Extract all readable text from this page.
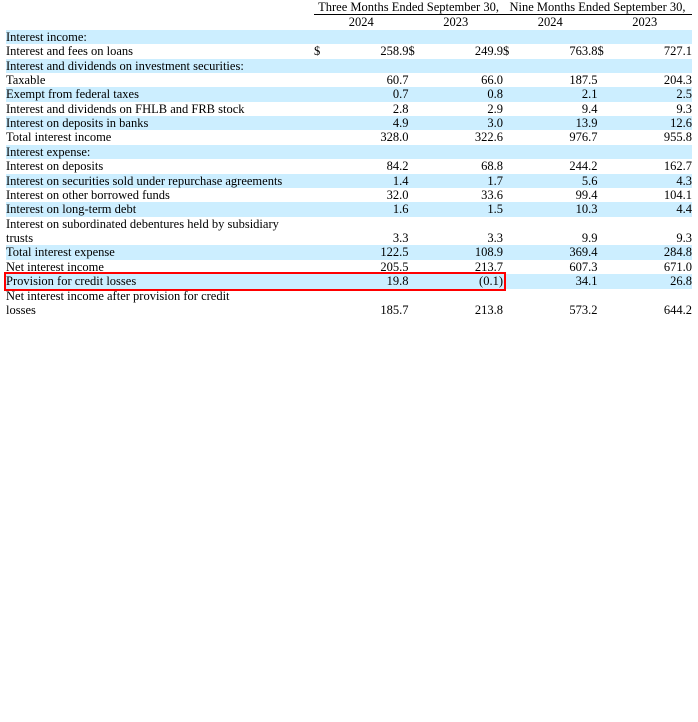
	Three Months Ended September 30,				Nine Months Ended September 30,			
	2024		2023		2024		2023	
Interest income:								
Interest and fees on loans	$	258.9	$	249.9	$	763.8	$	727.1
Interest and dividends on investment securities:								
Taxable		60.7		66.0		187.5		204.3
Exempt from federal taxes		0.7		0.8		2.1		2.5
Interest and dividends on FHLB and FRB stock		2.8		2.9		9.4		9.3
Interest on deposits in banks		4.9		3.0		13.9		12.6
Total interest income		328.0		322.6		976.7		955.8
Interest expense:								
Interest on deposits		84.2		68.8		244.2		162.7
Interest on securities sold under repurchase agreements		1.4		1.7		5.6		4.3
Interest on other borrowed funds		32.0		33.6		99.4		104.1
Interest on long-term debt		1.6		1.5		10.3		4.4
Interest on subordinated debentures held by subsidiary								
trusts		3.3		3.3		9.9		9.3
Total interest expense		122.5		108.9		369.4		284.8
Net interest income		205.5		213.7		607.3		671.0
Provision for credit losses		19.8		(0.1)		34.1		26.8
Net interest income after provision for credit								
losses		185.7		213.8		573.2		644.2
